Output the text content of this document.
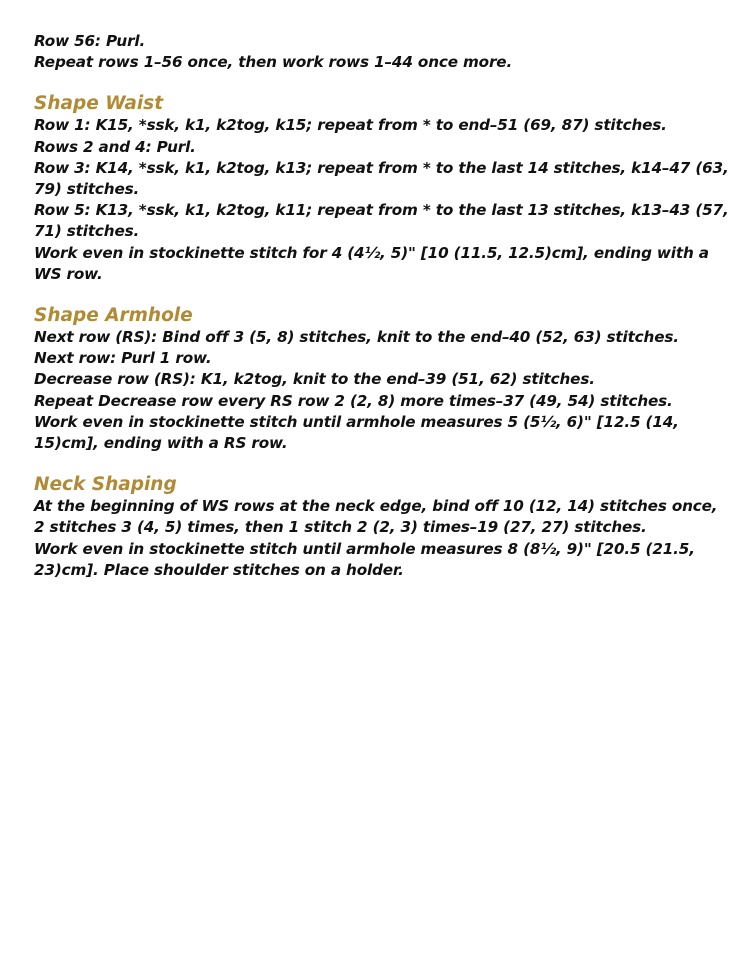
Row 56: Purl.

Repeat rows 1–56 once, then work rows 1–44 once more.

Shape Waist

Row 1: K15, *ssk, k1, k2tog, k15; repeat from * to end–51 (69, 87) stitches.

Rows 2 and 4: Purl.

Row 3: K14, *ssk, k1, k2tog, k13; repeat from * to the last 14 stitches, k14–47 (63,

79) stitches.

Row 5: K13, *ssk, k1, k2tog, k11; repeat from * to the last 13 stitches, k13–43 (57,

71) stitches.

Work even in stockinette stitch for 4 (4½, 5)" [10 (11.5, 12.5)cm], ending with a

WS row.

Shape Armhole

Next row (RS): Bind off 3 (5, 8) stitches, knit to the end–40 (52, 63) stitches.

Next row: Purl 1 row.

Decrease row (RS): K1, k2tog, knit to the end–39 (51, 62) stitches.

Repeat Decrease row every RS row 2 (2, 8) more times–37 (49, 54) stitches.

Work even in stockinette stitch until armhole measures 5 (5½, 6)" [12.5 (14,

15)cm], ending with a RS row.

Neck Shaping

At the beginning of WS rows at the neck edge, bind off 10 (12, 14) stitches once,

2 stitches 3 (4, 5) times, then 1 stitch 2 (2, 3) times–19 (27, 27) stitches.

Work even in stockinette stitch until armhole measures 8 (8½, 9)" [20.5 (21.5,

23)cm]. Place shoulder stitches on a holder.
